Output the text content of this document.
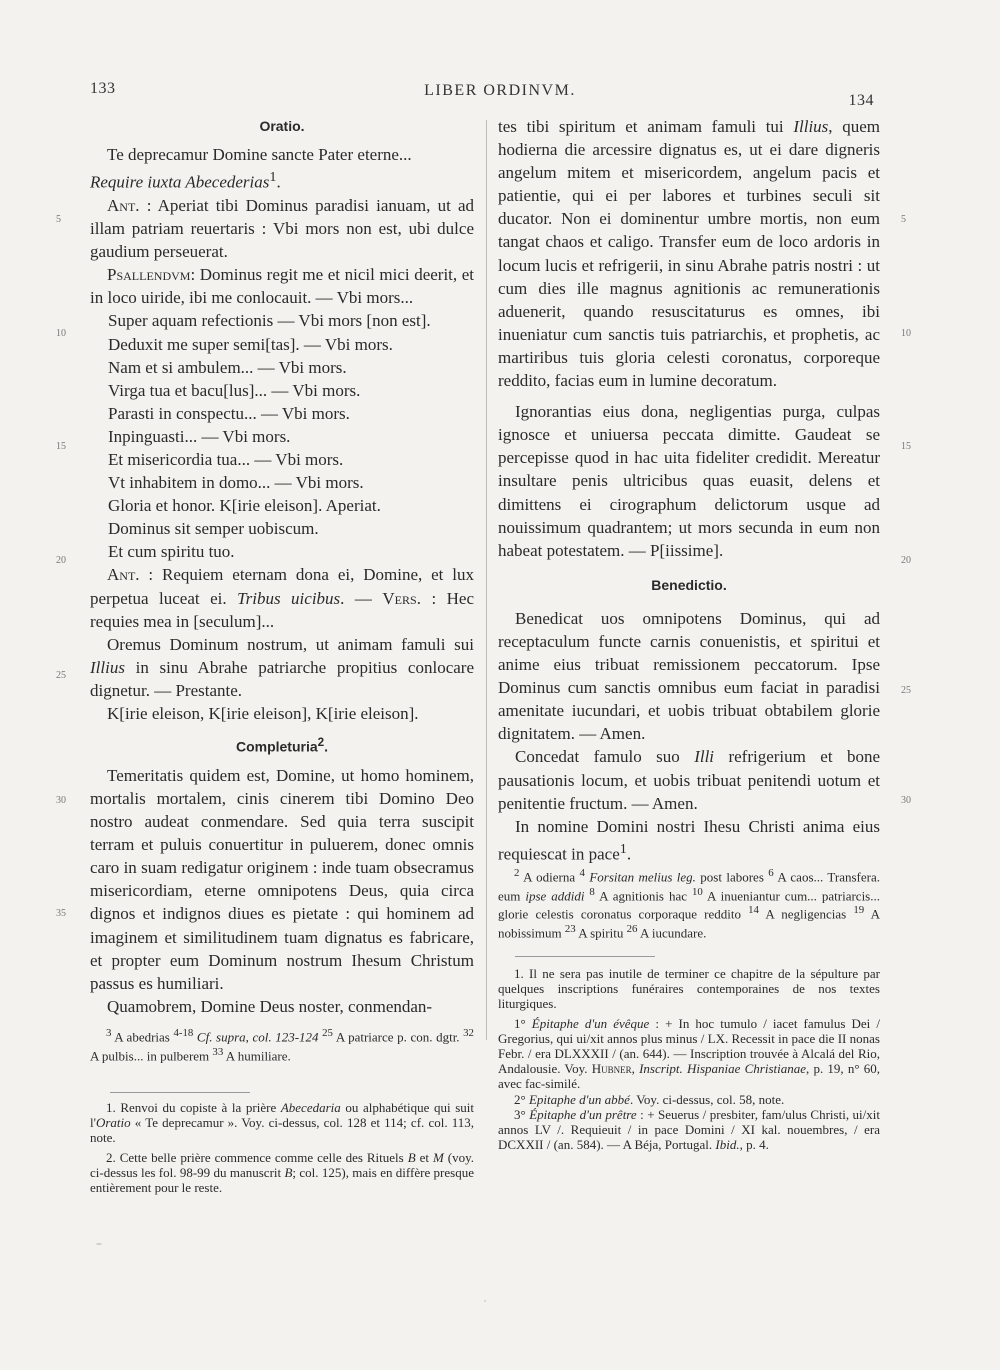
133	LIBER ORDINVM.
134
5
10
15
20
25
30
35
5
10
15
20
25
30
Oratio.

Te deprecamur Domine sancte Pater eterne...
Require iuxta Abecederias$^1$.

Ant. : Aperiat tibi Dominus paradisi ianuam, ut ad illam patriam reuertaris : Vbi mors non est, ubi dulce gaudium perseuerat.

Psallendvm: Dominus regit me et nicil mici deerit, et in loco uiride, ibi me conlocauit. — Vbi mors...

Super aquam refectionis — Vbi mors [non est].

Deduxit me super semi[tas]. — Vbi mors.

Nam et si ambulem... — Vbi mors.

Virga tua et bacu[lus]... — Vbi mors.

Parasti in conspectu... — Vbi mors.

Inpinguasti... — Vbi mors.

Et misericordia tua... — Vbi mors.

Vt inhabitem in domo... — Vbi mors.

Gloria et honor. K[irie eleison]. Aperiat.

Dominus sit semper uobiscum.

Et cum spiritu tuo.

Ant. : Requiem eternam dona ei, Domine, et lux perpetua luceat ei. Tribus uicibus. — Vers. : Hec requies mea in [seculum]...

Oremus Dominum nostrum, ut animam famuli sui Illius in sinu Abrahe patriarche propitius conlocare dignetur. — Prestante.

K[irie eleison, K[irie eleison], K[irie eleison].

Completuria$^2$.

Temeritatis quidem est, Domine, ut homo hominem, mortalis mortalem, cinis cinerem tibi Domino Deo nostro audeat conmendare. Sed quia terra suscipit terram et puluis conuertitur in puluerem, donec omnis caro in suam redigatur originem : inde tuam obsecramus misericordiam, eterne omnipotens Deus, quia circa dignos et indignos diues es pietate : qui hominem ad imaginem et similitudinem tuam dignatus es fabricare, et propter eum Dominum nostrum Ihesum Christum passus es humiliari.

Quamobrem, Domine Deus noster, conmendan-

$^3$ A abedrias $^{4-18}$ Cf. supra, col. 123-124 $^{25}$ A patriarce p. con. dgtr. $^{32}$ A pulbis... in pulberem $^{33}$ A humiliare.

1. Renvoi du copiste à la prière Abecedaria ou alphabétique qui suit l'Oratio « Te deprecamur ». Voy. ci-dessus, col. 128 et 114; cf. col. 113, note.

2. Cette belle prière commence comme celle des Rituels B et M (voy. ci-dessus les fol. 98-99 du manuscrit B; col. 125), mais en diffère presque entièrement pour le reste.

tes tibi spiritum et animam famuli tui Illius, quem hodierna die arcessire dignatus es, ut ei dare digneris angelum mitem et misericordem, angelum pacis et patientie, qui ei per labores et turbines seculi sit ducator. Non ei dominentur umbre mortis, non eum tangat chaos et caligo. Transfer eum de loco ardoris in locum lucis et refrigerii, in sinu Abrahe patris nostri : ut cum dies ille magnus agnitionis ac remunerationis aduenerit, quando resuscitaturus es omnes, ibi inueniatur cum sanctis tuis patriarchis, et prophetis, ac martiribus tuis gloria celesti coronatus, corporeque reddito, facias eum in lumine decoratum.

Ignorantias eius dona, negligentias purga, culpas ignosce et uniuersa peccata dimitte. Gaudeat se percepisse quod in hac uita fideliter credidit. Mereatur insultare penis ultricibus quas euasit, delens et dimittens ei cirographum delictorum usque ad nouissimum quadrantem; ut mors secunda in eum non habeat potestatem. — P[iissime].

Benedictio.

Benedicat uos omnipotens Dominus, qui ad receptaculum functe carnis conuenistis, et spiritui et anime eius tribuat remissionem peccatorum. Ipse Dominus cum sanctis omnibus eum faciat in paradisi amenitate iucundari, et uobis tribuat obtabilem glorie dignitatem. — Amen.

Concedat famulo suo Illi refrigerium et bone pausationis locum, et uobis tribuat penitendi uotum et penitentie fructum. — Amen.

In nomine Domini nostri Ihesu Christi anima eius requiescat in pace$^1$.

$^2$ A odierna $^4$ Forsitan melius leg. post labores $^6$ A caos... Transfera. eum ipse addidi $^8$ A agnitionis hac $^{10}$ A inueniantur cum... patriarcis... glorie celestis coronatus corporaque reddito $^{14}$ A negligencias $^{19}$ A nobissimum $^{23}$ A spiritu $^{26}$ A iucundare.

1. Il ne sera pas inutile de terminer ce chapitre de la sépulture par quelques inscriptions funéraires contemporaines de nos textes liturgiques.

1° Épitaphe d'un évêque : + In hoc tumulo / iacet famulus Dei / Gregorius, qui ui/xit annos plus minus / LX. Recessit in pace die II nonas Febr. / era DLXXXII / (an. 644). — Inscription trouvée à Alcalá del Rio, Andalousie. Voy. Hubner, Inscript. Hispaniae Christianae, p. 19, n° 60, avec fac-similé.

2° Epitaphe d'un abbé. Voy. ci-dessus, col. 58, note.

3° Épitaphe d'un prêtre : + Seuerus / presbiter, fam/ulus Christi, ui/xit annos LV /. Requieuit / in pace Domini / XI kal. nouembres, / era DCXXII / (an. 584). — A Béja, Portugal. Ibid., p. 4.
